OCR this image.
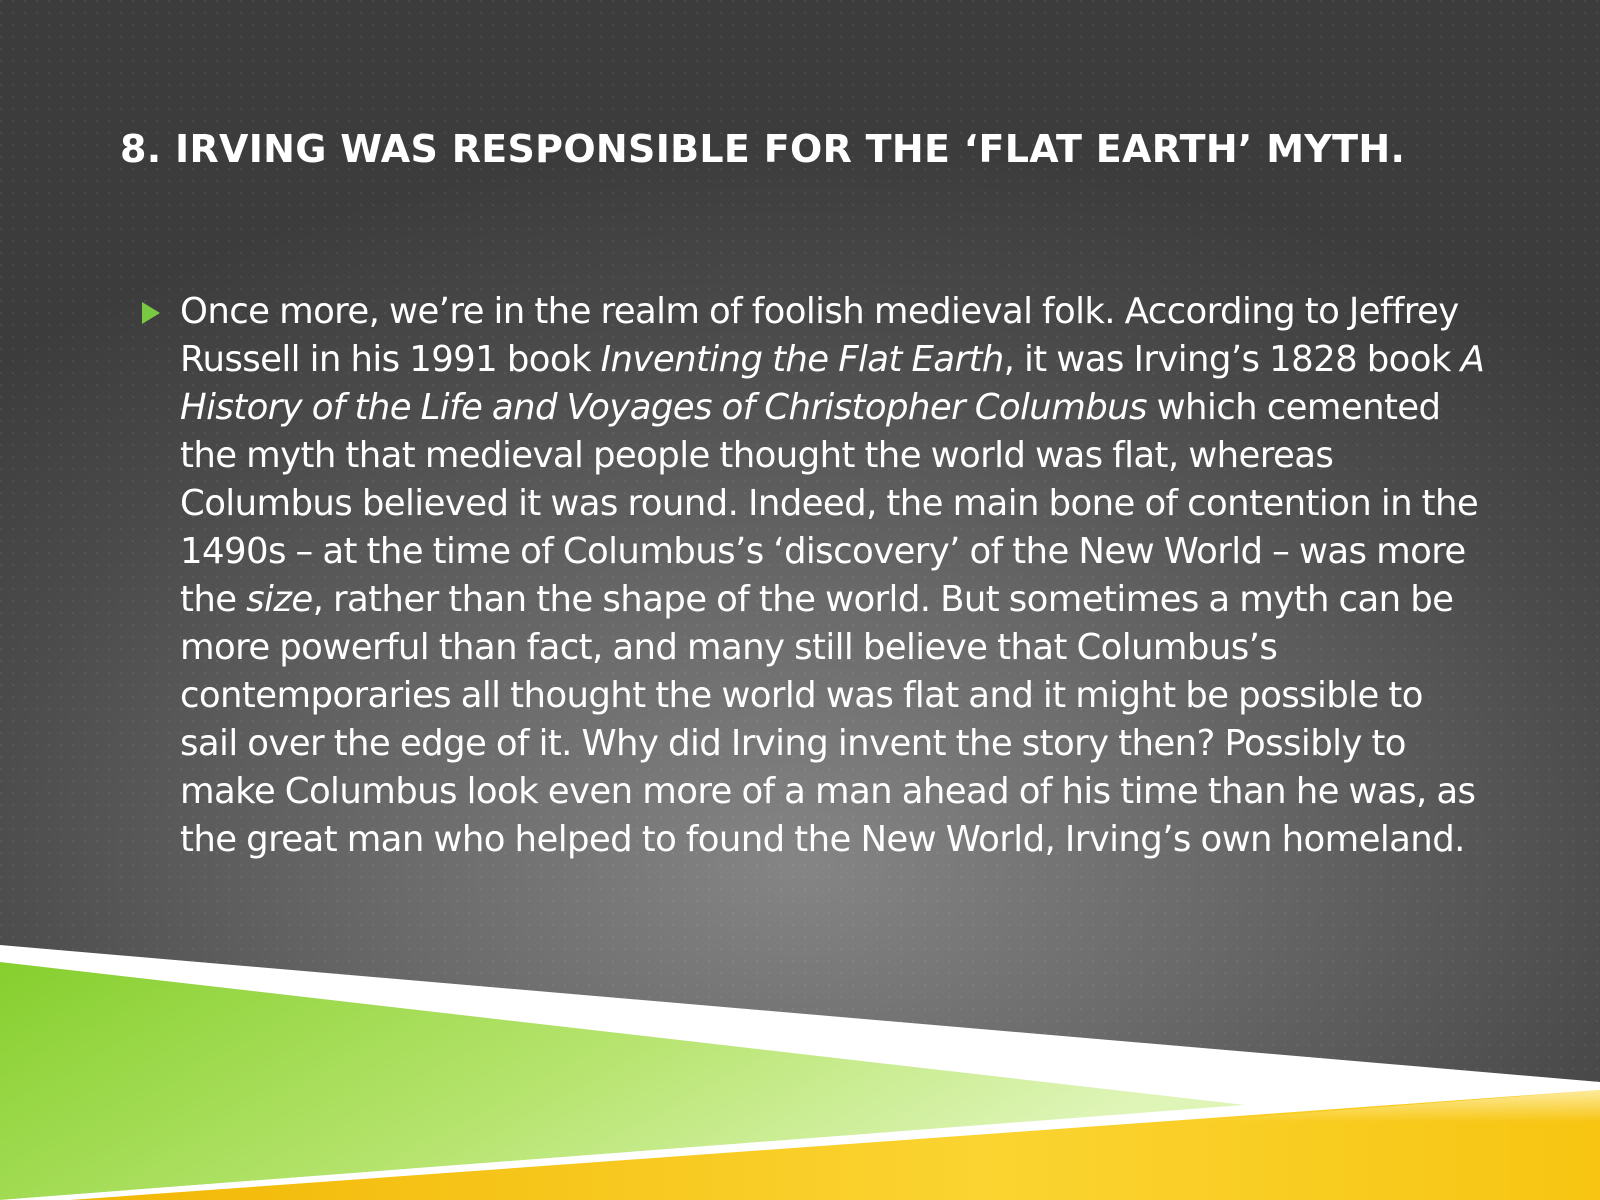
8. IRVING WAS RESPONSIBLE FOR THE ‘FLAT EARTH’ MYTH.

Once more, we’re in the realm of foolish medieval folk. According to Jeffrey Russell in his 1991 book Inventing the Flat Earth, it was Irving’s 1828 book A History of the Life and Voyages of Christopher Columbus which cemented the myth that medieval people thought the world was flat, whereas Columbus believed it was round. Indeed, the main bone of contention in the 1490s – at the time of Columbus’s ‘discovery’ of the New World – was more the size, rather than the shape of the world. But sometimes a myth can be more powerful than fact, and many still believe that Columbus’s contemporaries all thought the world was flat and it might be possible to sail over the edge of it. Why did Irving invent the story then? Possibly to make Columbus look even more of a man ahead of his time than he was, as the great man who helped to found the New World, Irving’s own homeland.
